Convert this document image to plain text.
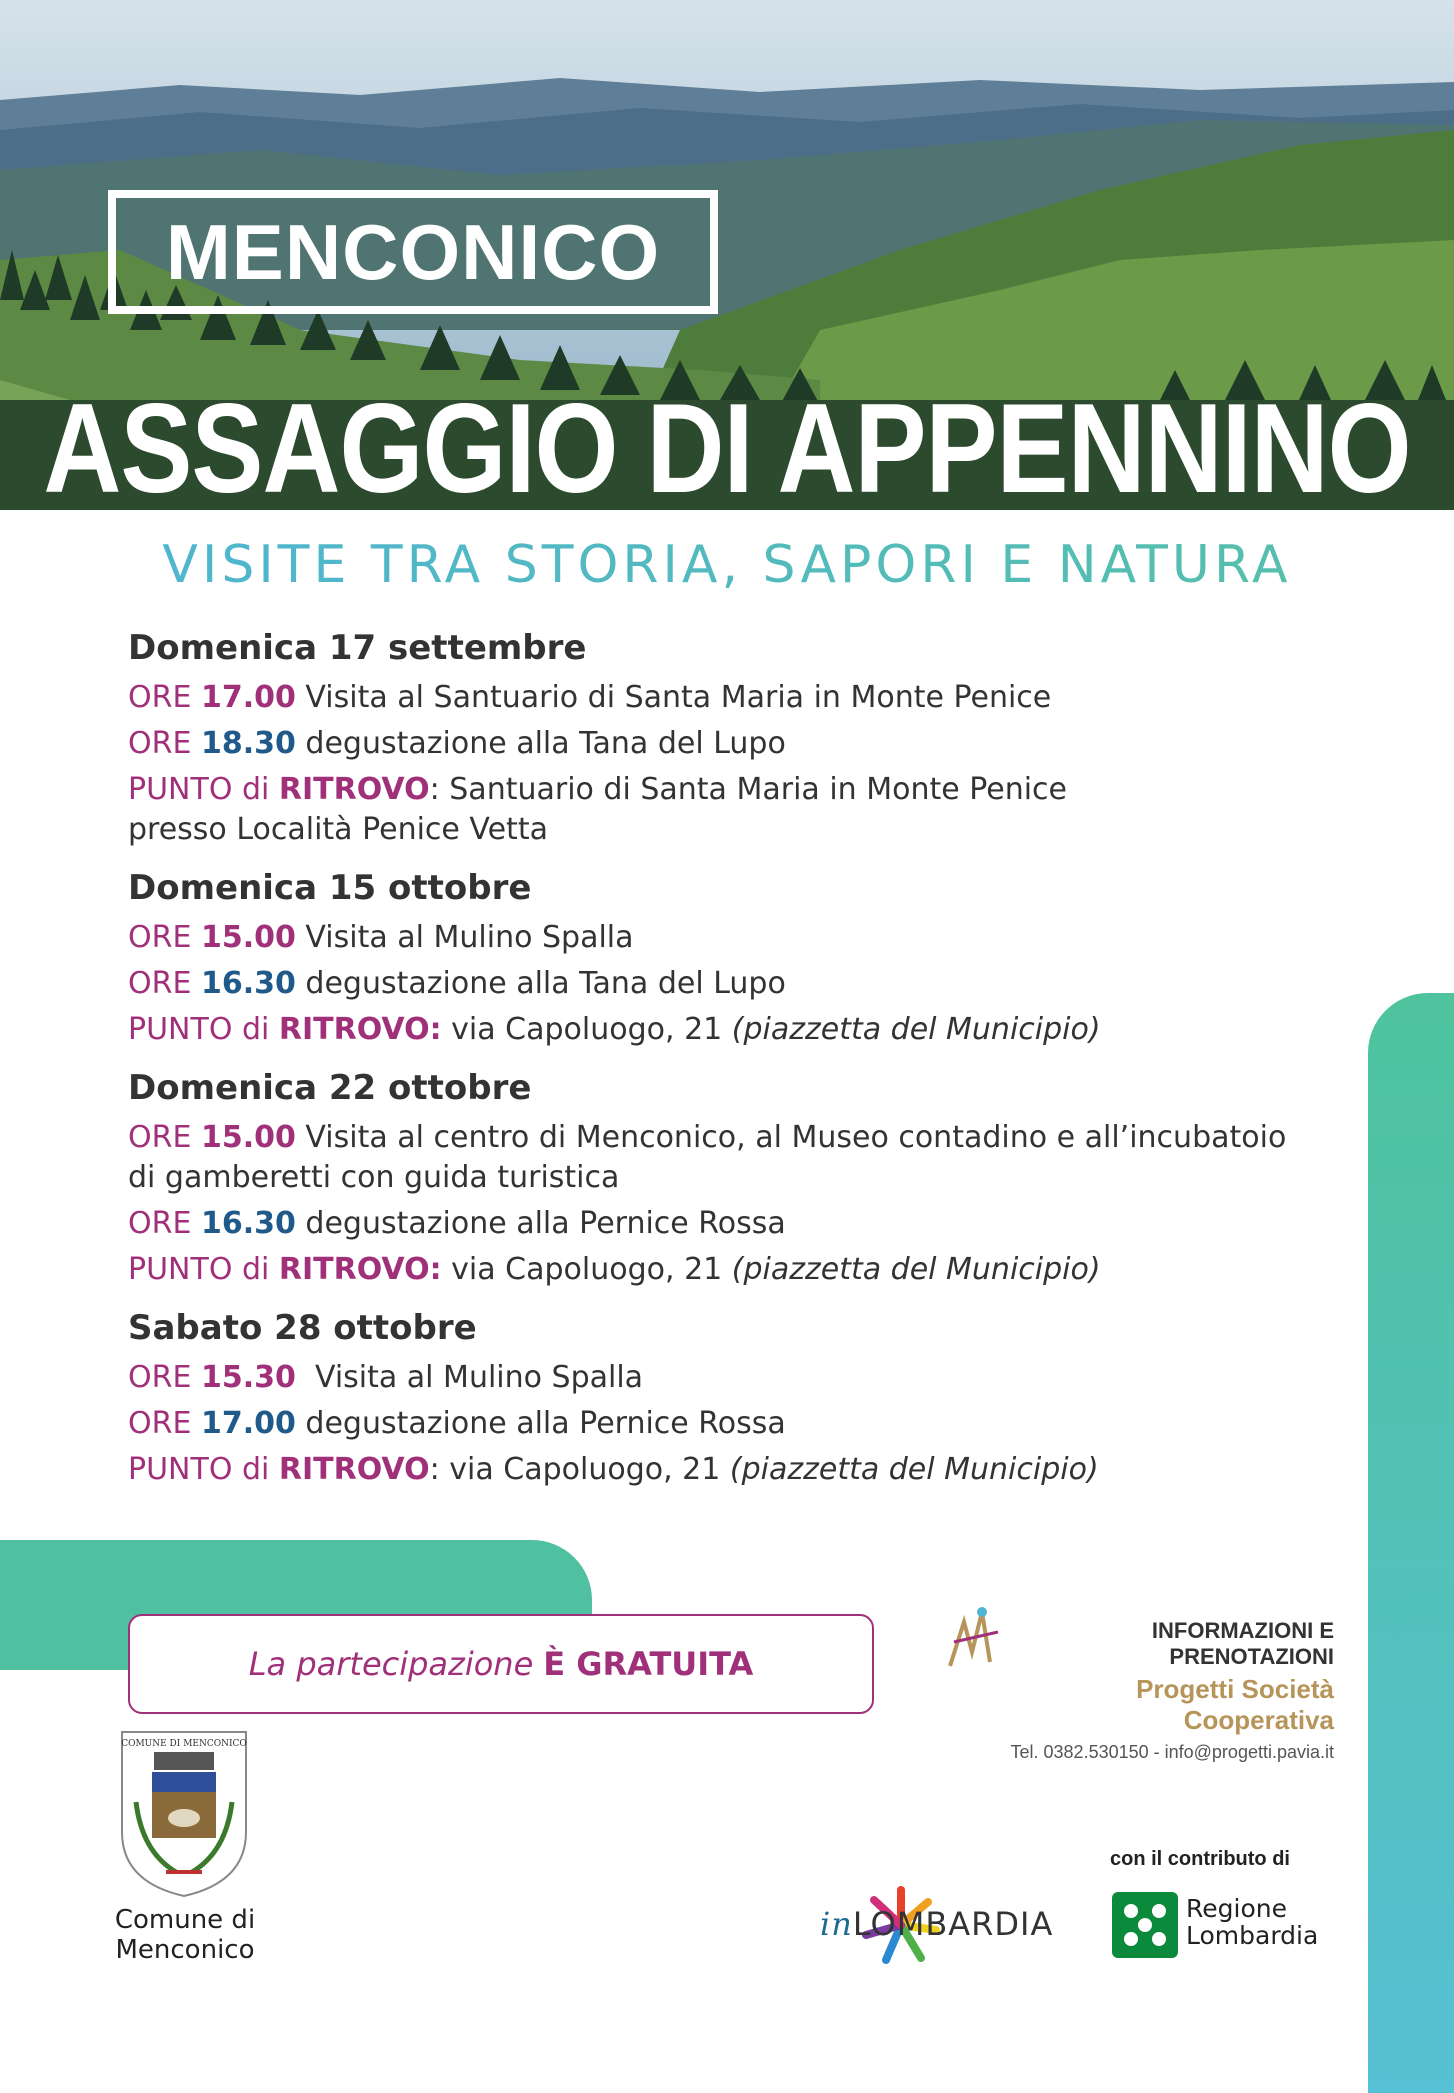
MENCONICO
ASSAGGIO DI APPENNINO
VISITE TRA STORIA, SAPORI E NATURA
Domenica 17 settembre
ORE 17.00 Visita al Santuario di Santa Maria in Monte Penice
ORE 18.30 degustazione alla Tana del Lupo
PUNTO di RITROVO: Santuario di Santa Maria in Monte Penice
presso Località Penice Vetta
Domenica 15 ottobre
ORE 15.00 Visita al Mulino Spalla
ORE 16.30 degustazione alla Tana del Lupo
PUNTO di RITROVO: via Capoluogo, 21 (piazzetta del Municipio)
Domenica 22 ottobre
ORE 15.00 Visita al centro di Menconico, al Museo contadino e all’incubatoio
di gamberetti con guida turistica
ORE 16.30 degustazione alla Pernice Rossa
PUNTO di RITROVO: via Capoluogo, 21 (piazzetta del Municipio)
Sabato 28 ottobre
ORE 15.30 Visita al Mulino Spalla
ORE 17.00 degustazione alla Pernice Rossa
PUNTO di RITROVO: via Capoluogo, 21 (piazzetta del Municipio)
La partecipazione È GRATUITA
INFORMAZIONI E PRENOTAZIONI
Progetti Società Cooperativa
Tel. 0382.530150 - info@progetti.pavia.it
COMUNE DI MENCONICO
Comune di
Menconico
inLOMBARDIA
con il contributo di
Regione
Lombardia
